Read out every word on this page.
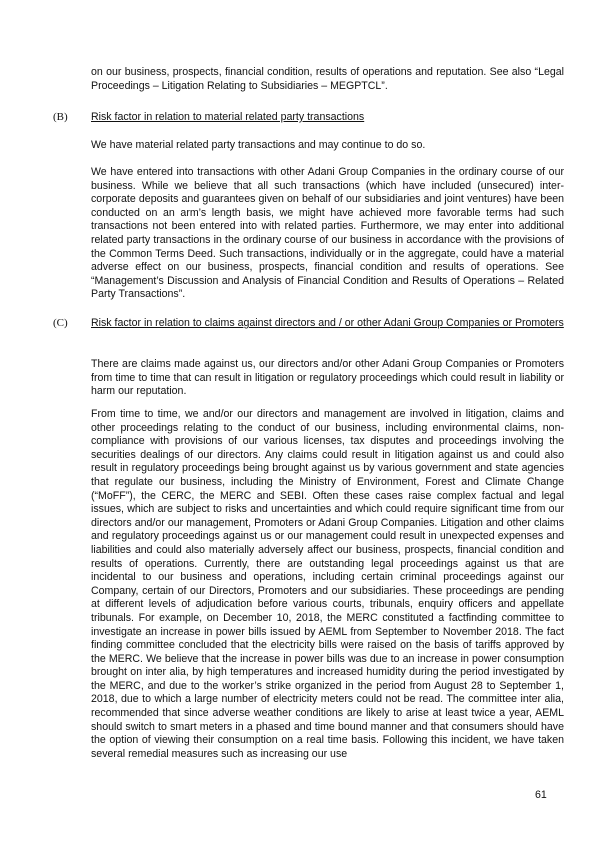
on our business, prospects, financial condition, results of operations and reputation. See also “Legal Proceedings – Litigation Relating to Subsidiaries – MEGPTCL”.

(B) Risk factor in relation to material related party transactions

We have material related party transactions and may continue to do so.

We have entered into transactions with other Adani Group Companies in the ordinary course of our business. While we believe that all such transactions (which have included (unsecured) inter-corporate deposits and guarantees given on behalf of our subsidiaries and joint ventures) have been conducted on an arm’s length basis, we might have achieved more favorable terms had such transactions not been entered into with related parties. Furthermore, we may enter into additional related party transactions in the ordinary course of our business in accordance with the provisions of the Common Terms Deed. Such transactions, individually or in the aggregate, could have a material adverse effect on our business, prospects, financial condition and results of operations. See “Management’s Discussion and Analysis of Financial Condition and Results of Operations – Related Party Transactions”.

(C) Risk factor in relation to claims against directors and / or other Adani Group Companies or Promoters

There are claims made against us, our directors and/or other Adani Group Companies or Promoters from time to time that can result in litigation or regulatory proceedings which could result in liability or harm our reputation.

From time to time, we and/or our directors and management are involved in litigation, claims and other proceedings relating to the conduct of our business, including environmental claims, non-compliance with provisions of our various licenses, tax disputes and proceedings involving the securities dealings of our directors. Any claims could result in litigation against us and could also result in regulatory proceedings being brought against us by various government and state agencies that regulate our business, including the Ministry of Environment, Forest and Climate Change (“MoFF”), the CERC, the MERC and SEBI. Often these cases raise complex factual and legal issues, which are subject to risks and uncertainties and which could require significant time from our directors and/or our management, Promoters or Adani Group Companies. Litigation and other claims and regulatory proceedings against us or our management could result in unexpected expenses and liabilities and could also materially adversely affect our business, prospects, financial condition and results of operations. Currently, there are outstanding legal proceedings against us that are incidental to our business and operations, including certain criminal proceedings against our Company, certain of our Directors, Promoters and our subsidiaries. These proceedings are pending at different levels of adjudication before various courts, tribunals, enquiry officers and appellate tribunals. For example, on December 10, 2018, the MERC constituted a factfinding committee to investigate an increase in power bills issued by AEML from September to November 2018. The fact finding committee concluded that the electricity bills were raised on the basis of tariffs approved by the MERC. We believe that the increase in power bills was due to an increase in power consumption brought on inter alia, by high temperatures and increased humidity during the period investigated by the MERC, and due to the worker’s strike organized in the period from August 28 to September 1, 2018, due to which a large number of electricity meters could not be read. The committee inter alia, recommended that since adverse weather conditions are likely to arise at least twice a year, AEML should switch to smart meters in a phased and time bound manner and that consumers should have the option of viewing their consumption on a real time basis. Following this incident, we have taken several remedial measures such as increasing our use

61
